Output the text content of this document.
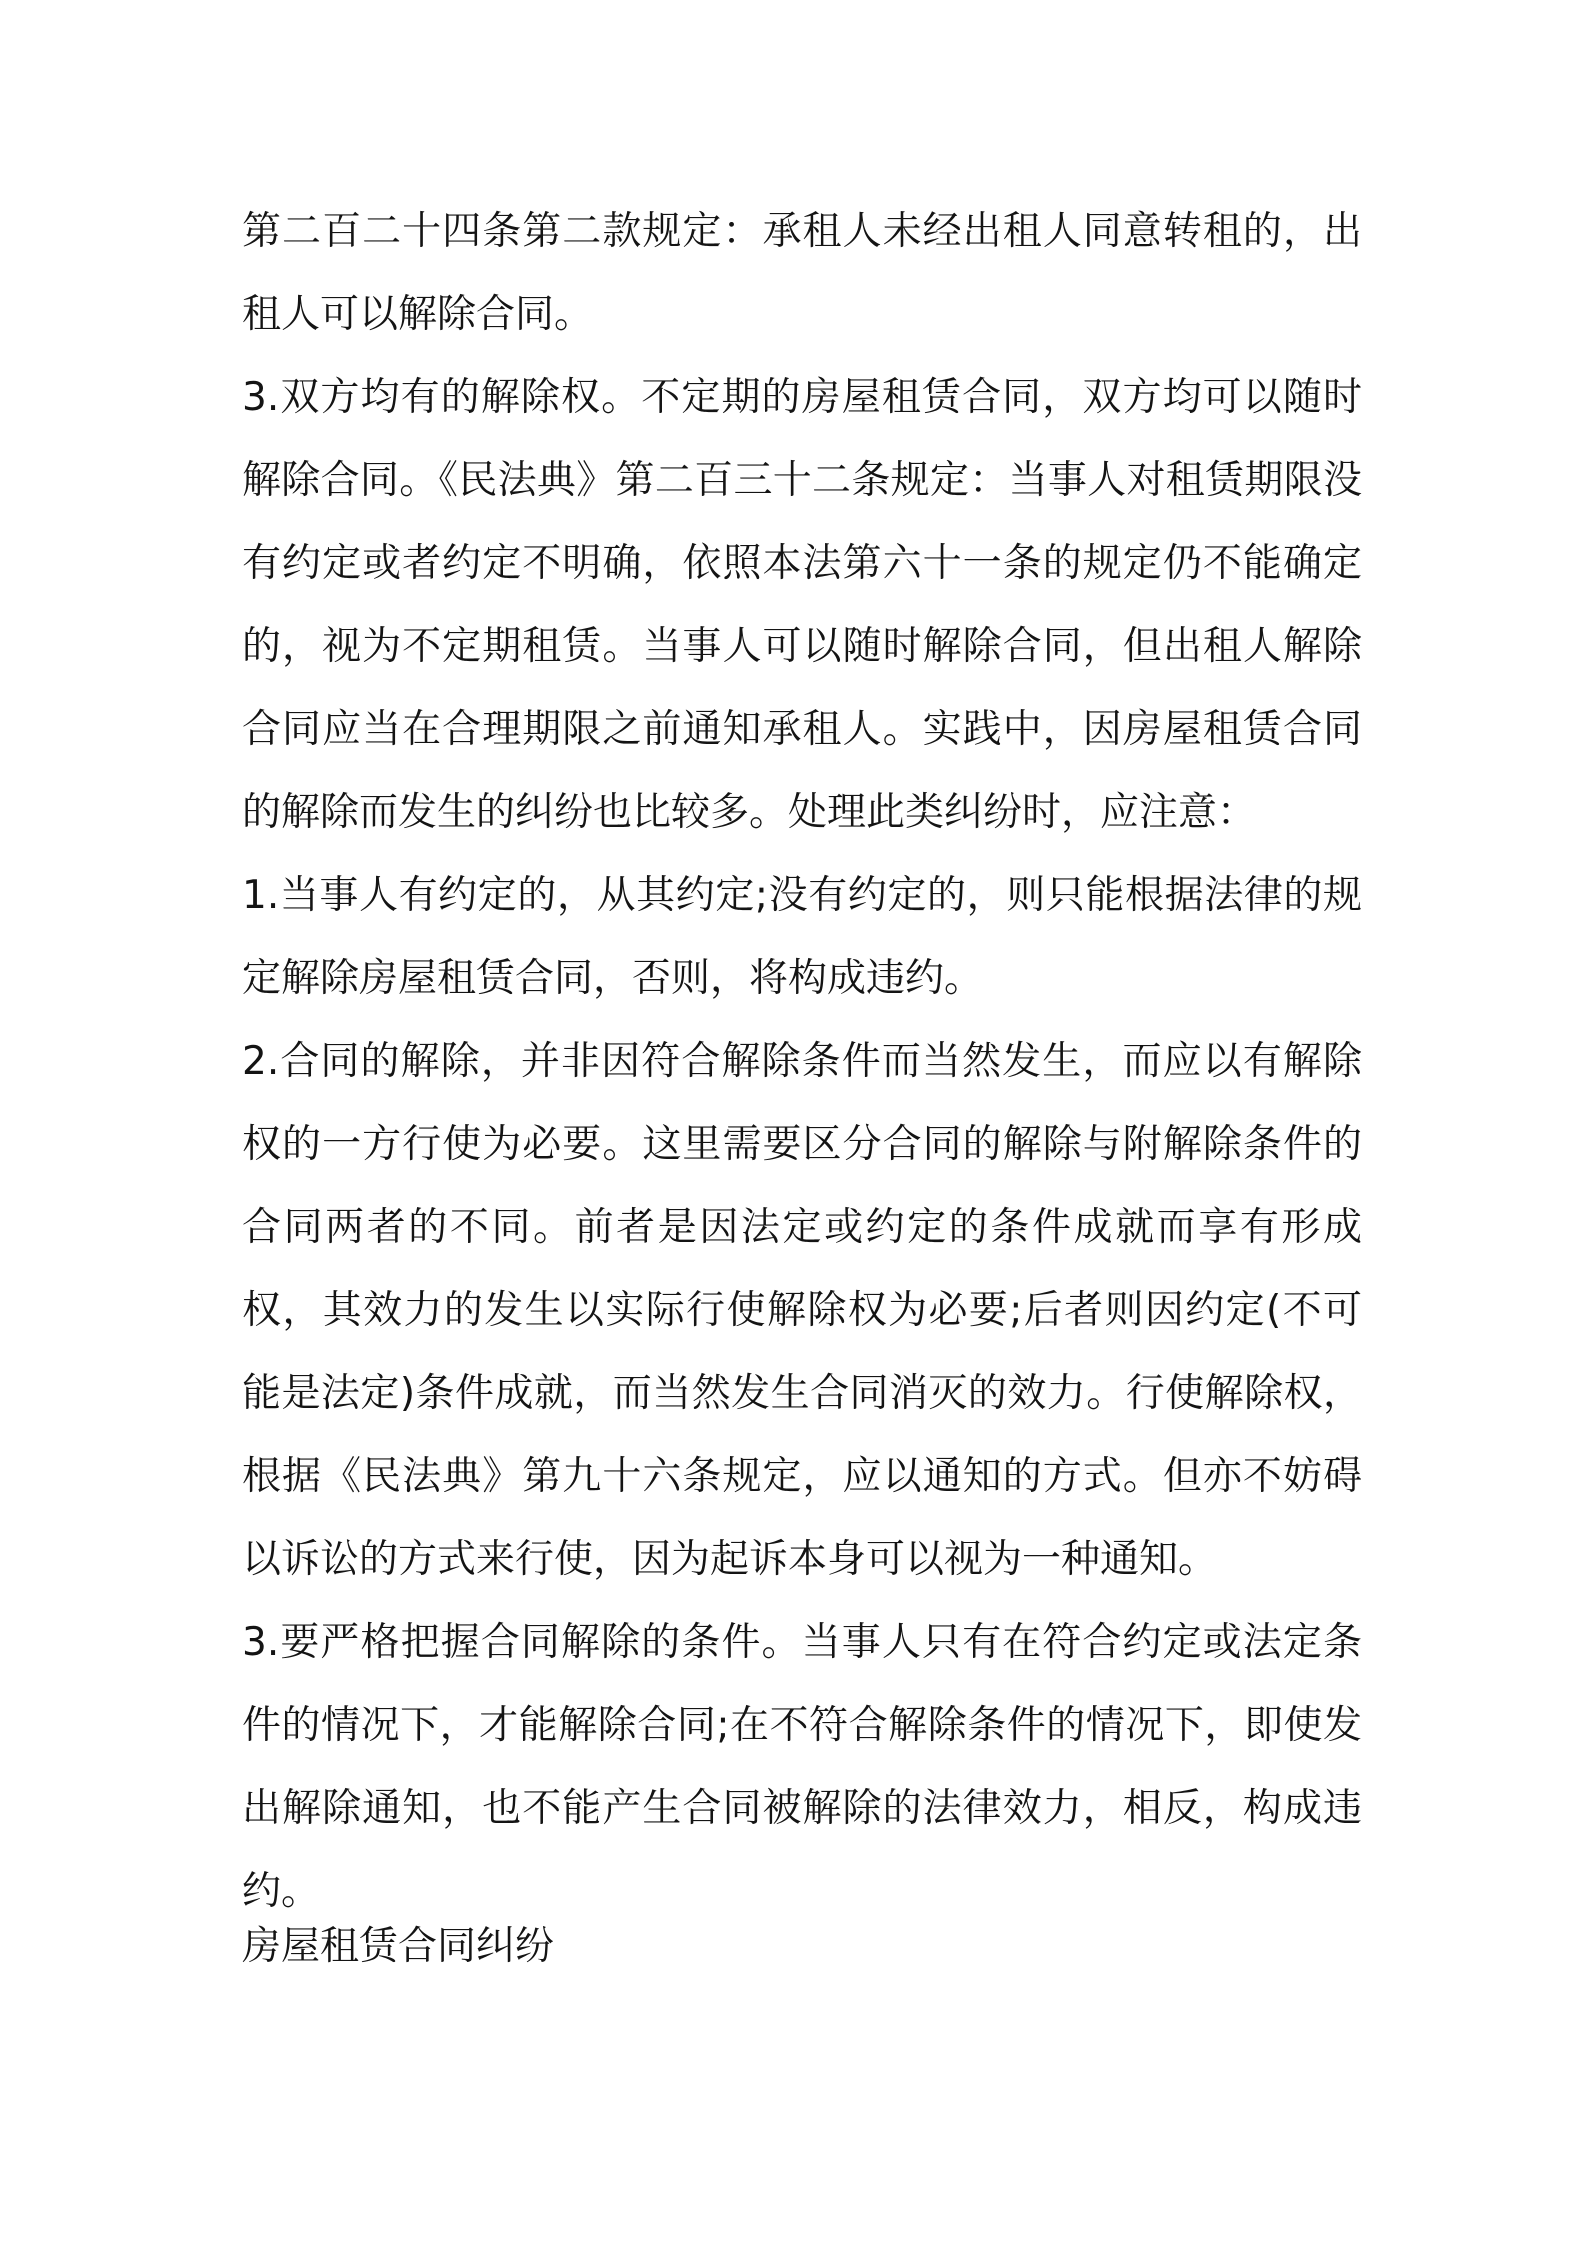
第二百二十四条第二款规定：承租人未经出租人同意转租的，出租人可以解除合同。

3.双方均有的解除权。不定期的房屋租赁合同，双方均可以随时解除合同。《民法典》第二百三十二条规定：当事人对租赁期限没有约定或者约定不明确，依照本法第六十一条的规定仍不能确定的，视为不定期租赁。当事人可以随时解除合同，但出租人解除合同应当在合理期限之前通知承租人。实践中，因房屋租赁合同的解除而发生的纠纷也比较多。处理此类纠纷时，应注意：

1.当事人有约定的，从其约定;没有约定的，则只能根据法律的规定解除房屋租赁合同，否则，将构成违约。

2.合同的解除，并非因符合解除条件而当然发生，而应以有解除权的一方行使为必要。这里需要区分合同的解除与附解除条件的合同两者的不同。前者是因法定或约定的条件成就而享有形成权，其效力的发生以实际行使解除权为必要;后者则因约定(不可能是法定)条件成就，而当然发生合同消灭的效力。行使解除权，根据《民法典》第九十六条规定，应以通知的方式。但亦不妨碍以诉讼的方式来行使，因为起诉本身可以视为一种通知。

3.要严格把握合同解除的条件。当事人只有在符合约定或法定条件的情况下，才能解除合同;在不符合解除条件的情况下，即使发出解除通知，也不能产生合同被解除的法律效力，相反，构成违约。

房屋租赁合同纠纷
